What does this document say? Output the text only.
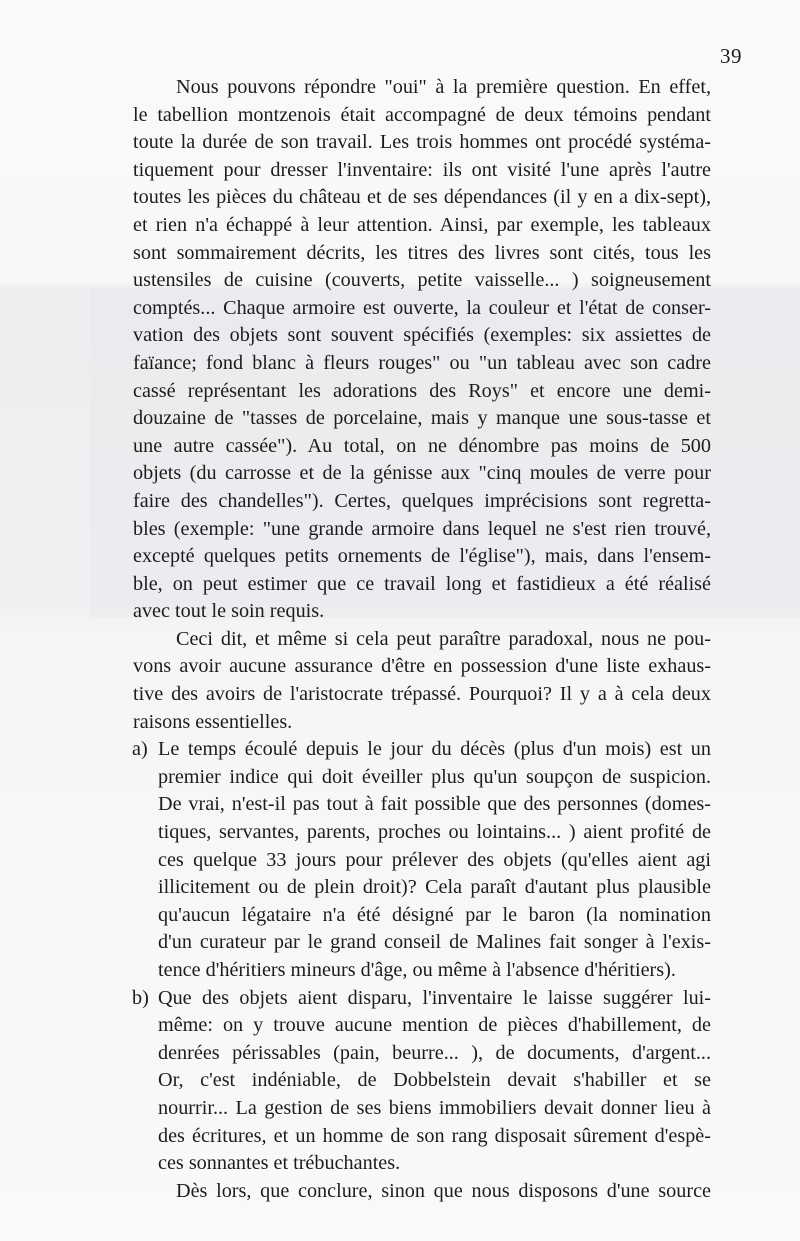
39
Nous pouvons répondre "oui" à la première question. En effet,
le tabellion montzenois était accompagné de deux témoins pendant
toute la durée de son travail. Les trois hommes ont procédé systéma-
tiquement pour dresser l'inventaire: ils ont visité l'une après l'autre
toutes les pièces du château et de ses dépendances (il y en a dix-sept),
et rien n'a échappé à leur attention. Ainsi, par exemple, les tableaux
sont sommairement décrits, les titres des livres sont cités, tous les
ustensiles de cuisine (couverts, petite vaisselle... ) soigneusement
comptés... Chaque armoire est ouverte, la couleur et l'état de conser-
vation des objets sont souvent spécifiés (exemples: six assiettes de
faïance; fond blanc à fleurs rouges" ou "un tableau avec son cadre
cassé représentant les adorations des Roys" et encore une demi-
douzaine de "tasses de porcelaine, mais y manque une sous-tasse et
une autre cassée"). Au total, on ne dénombre pas moins de 500
objets (du carrosse et de la génisse aux "cinq moules de verre pour
faire des chandelles"). Certes, quelques imprécisions sont regretta-
bles (exemple: "une grande armoire dans lequel ne s'est rien trouvé,
excepté quelques petits ornements de l'église"), mais, dans l'ensem-
ble, on peut estimer que ce travail long et fastidieux a été réalisé
avec tout le soin requis.
Ceci dit, et même si cela peut paraître paradoxal, nous ne pou-
vons avoir aucune assurance d'être en possession d'une liste exhaus-
tive des avoirs de l'aristocrate trépassé. Pourquoi? Il y a à cela deux
raisons essentielles.
a) Le temps écoulé depuis le jour du décès (plus d'un mois) est un
premier indice qui doit éveiller plus qu'un soupçon de suspicion.
De vrai, n'est-il pas tout à fait possible que des personnes (domes-
tiques, servantes, parents, proches ou lointains... ) aient profité de
ces quelque 33 jours pour prélever des objets (qu'elles aient agi
illicitement ou de plein droit)? Cela paraît d'autant plus plausible
qu'aucun légataire n'a été désigné par le baron (la nomination
d'un curateur par le grand conseil de Malines fait songer à l'exis-
tence d'héritiers mineurs d'âge, ou même à l'absence d'héritiers).
b) Que des objets aient disparu, l'inventaire le laisse suggérer lui-
même: on y trouve aucune mention de pièces d'habillement, de
denrées périssables (pain, beurre... ), de documents, d'argent...
Or, c'est indéniable, de Dobbelstein devait s'habiller et se
nourrir... La gestion de ses biens immobiliers devait donner lieu à
des écritures, et un homme de son rang disposait sûrement d'espè-
ces sonnantes et trébuchantes.
Dès lors, que conclure, sinon que nous disposons d'une source
